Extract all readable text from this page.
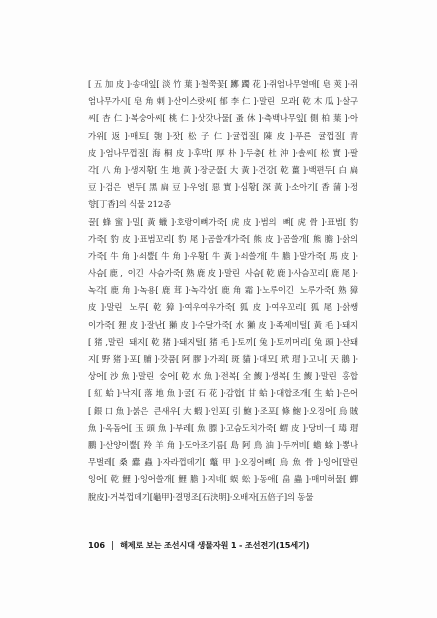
[五加皮]·송대잎[淡竹葉]·철쭉꽃[躑躅花]·쥐엄나무열매[皂莢]·쥐
엄나무가시[皂角刺]·산이스랏씨[郁李仁]·말린 모과[乾木瓜]·살구
씨[杏仁]·복숭아씨[桃仁]·삿갓나물[蚤休]·측백나무잎[側柏葉]·아
가위[返]·매토[匏]·잣[松子仁]·귤껍질[陳皮]·푸른 귤껍질[青
皮]·엄나무껍질[海桐皮]·후박[厚朴]·두충[杜沖]·솔씨[松實]·팔
각[八角]·생지황[生地黃]·장군풀[大黃]·건강[乾薑]·백편두[白扁
豆]·검은 변두[黑扁豆]·우엉[惡實]·심황[深黃]·소아기[香蒲]·정
향[丁香]의 식물 212종
꿀[蜂蜜]·밀[黃蠟]·호랑이뼈가죽[虎皮]·범의 뼈[虎骨]·표범[豹
가죽[豹皮]·표범꼬리[豹尾]·곰쓸개가죽[熊皮]·곰쓸개[熊膽]·삵의
가죽[牛角]·쇠뿔[牛角]·우황[牛黃]·쇠쓸개[牛膽]·말가죽[馬皮]·
사슴[鹿, 이긴 사슴가죽[熟鹿皮]·말린 사슴[乾鹿]·사슴꼬리[鹿尾]·
녹각[鹿角]·녹용[鹿茸]·녹각상[鹿角霜]·노루이긴 노루가죽[熟獐
皮]·말린 노루[乾獐]·여우여우가죽[狐皮]·여우꼬리[狐尾]·삵쌩
이가죽[狸皮]·잘난[獺皮]·수달가죽[水獺皮]·족제비털[黃毛]·돼지
[猪,말린 돼지[乾猪]·돼지털[猪毛]·토끼[兔]·토끼머리[兔頭]·산돼
지[野猪]·포[脯]·갓품[阿膠]·가죄[斑貓]·대모[玳瑁]·고니[天鵝]·
상어[沙魚]·말린 숭어[乾水魚]·전복[全鰒]·생복[生鰒]·말린 홍합
[紅蛤]·낙지[落地魚]·굴[石花]·감합[甘蛤]·대합조개[生蛤]·은어
[銀口魚]·붉은 큰새우[大蝦]·인포[引鮑]·조포[條鮑]·오징어[烏賊
魚]·옥돔어[玉頭魚]·부레[魚膘]·고슴도치가죽[蝟皮]·당비ㅡ[瑇瑁
鵬]·산양이뿔[羚羊角]·도아조기름[島阿鳥油]·두꺼비[蟾蜍]·뽕나
무벌레[桑蠹蟲]·자라껍데기[鼈甲]·오징어뼈[烏魚骨]·잉어[말린
잉어[乾鯉]·잉어쓸개[鯉膽]·지네[蜈蚣]·동애[畠蟲]·매미허물[蟬
脫皮]·거북껍데기[龜甲]·결명조[石決明]·오배자[五倍子]의 동물
106 해제로 보는 조선시대 생물자원 1 - 조선전기(15세기)
